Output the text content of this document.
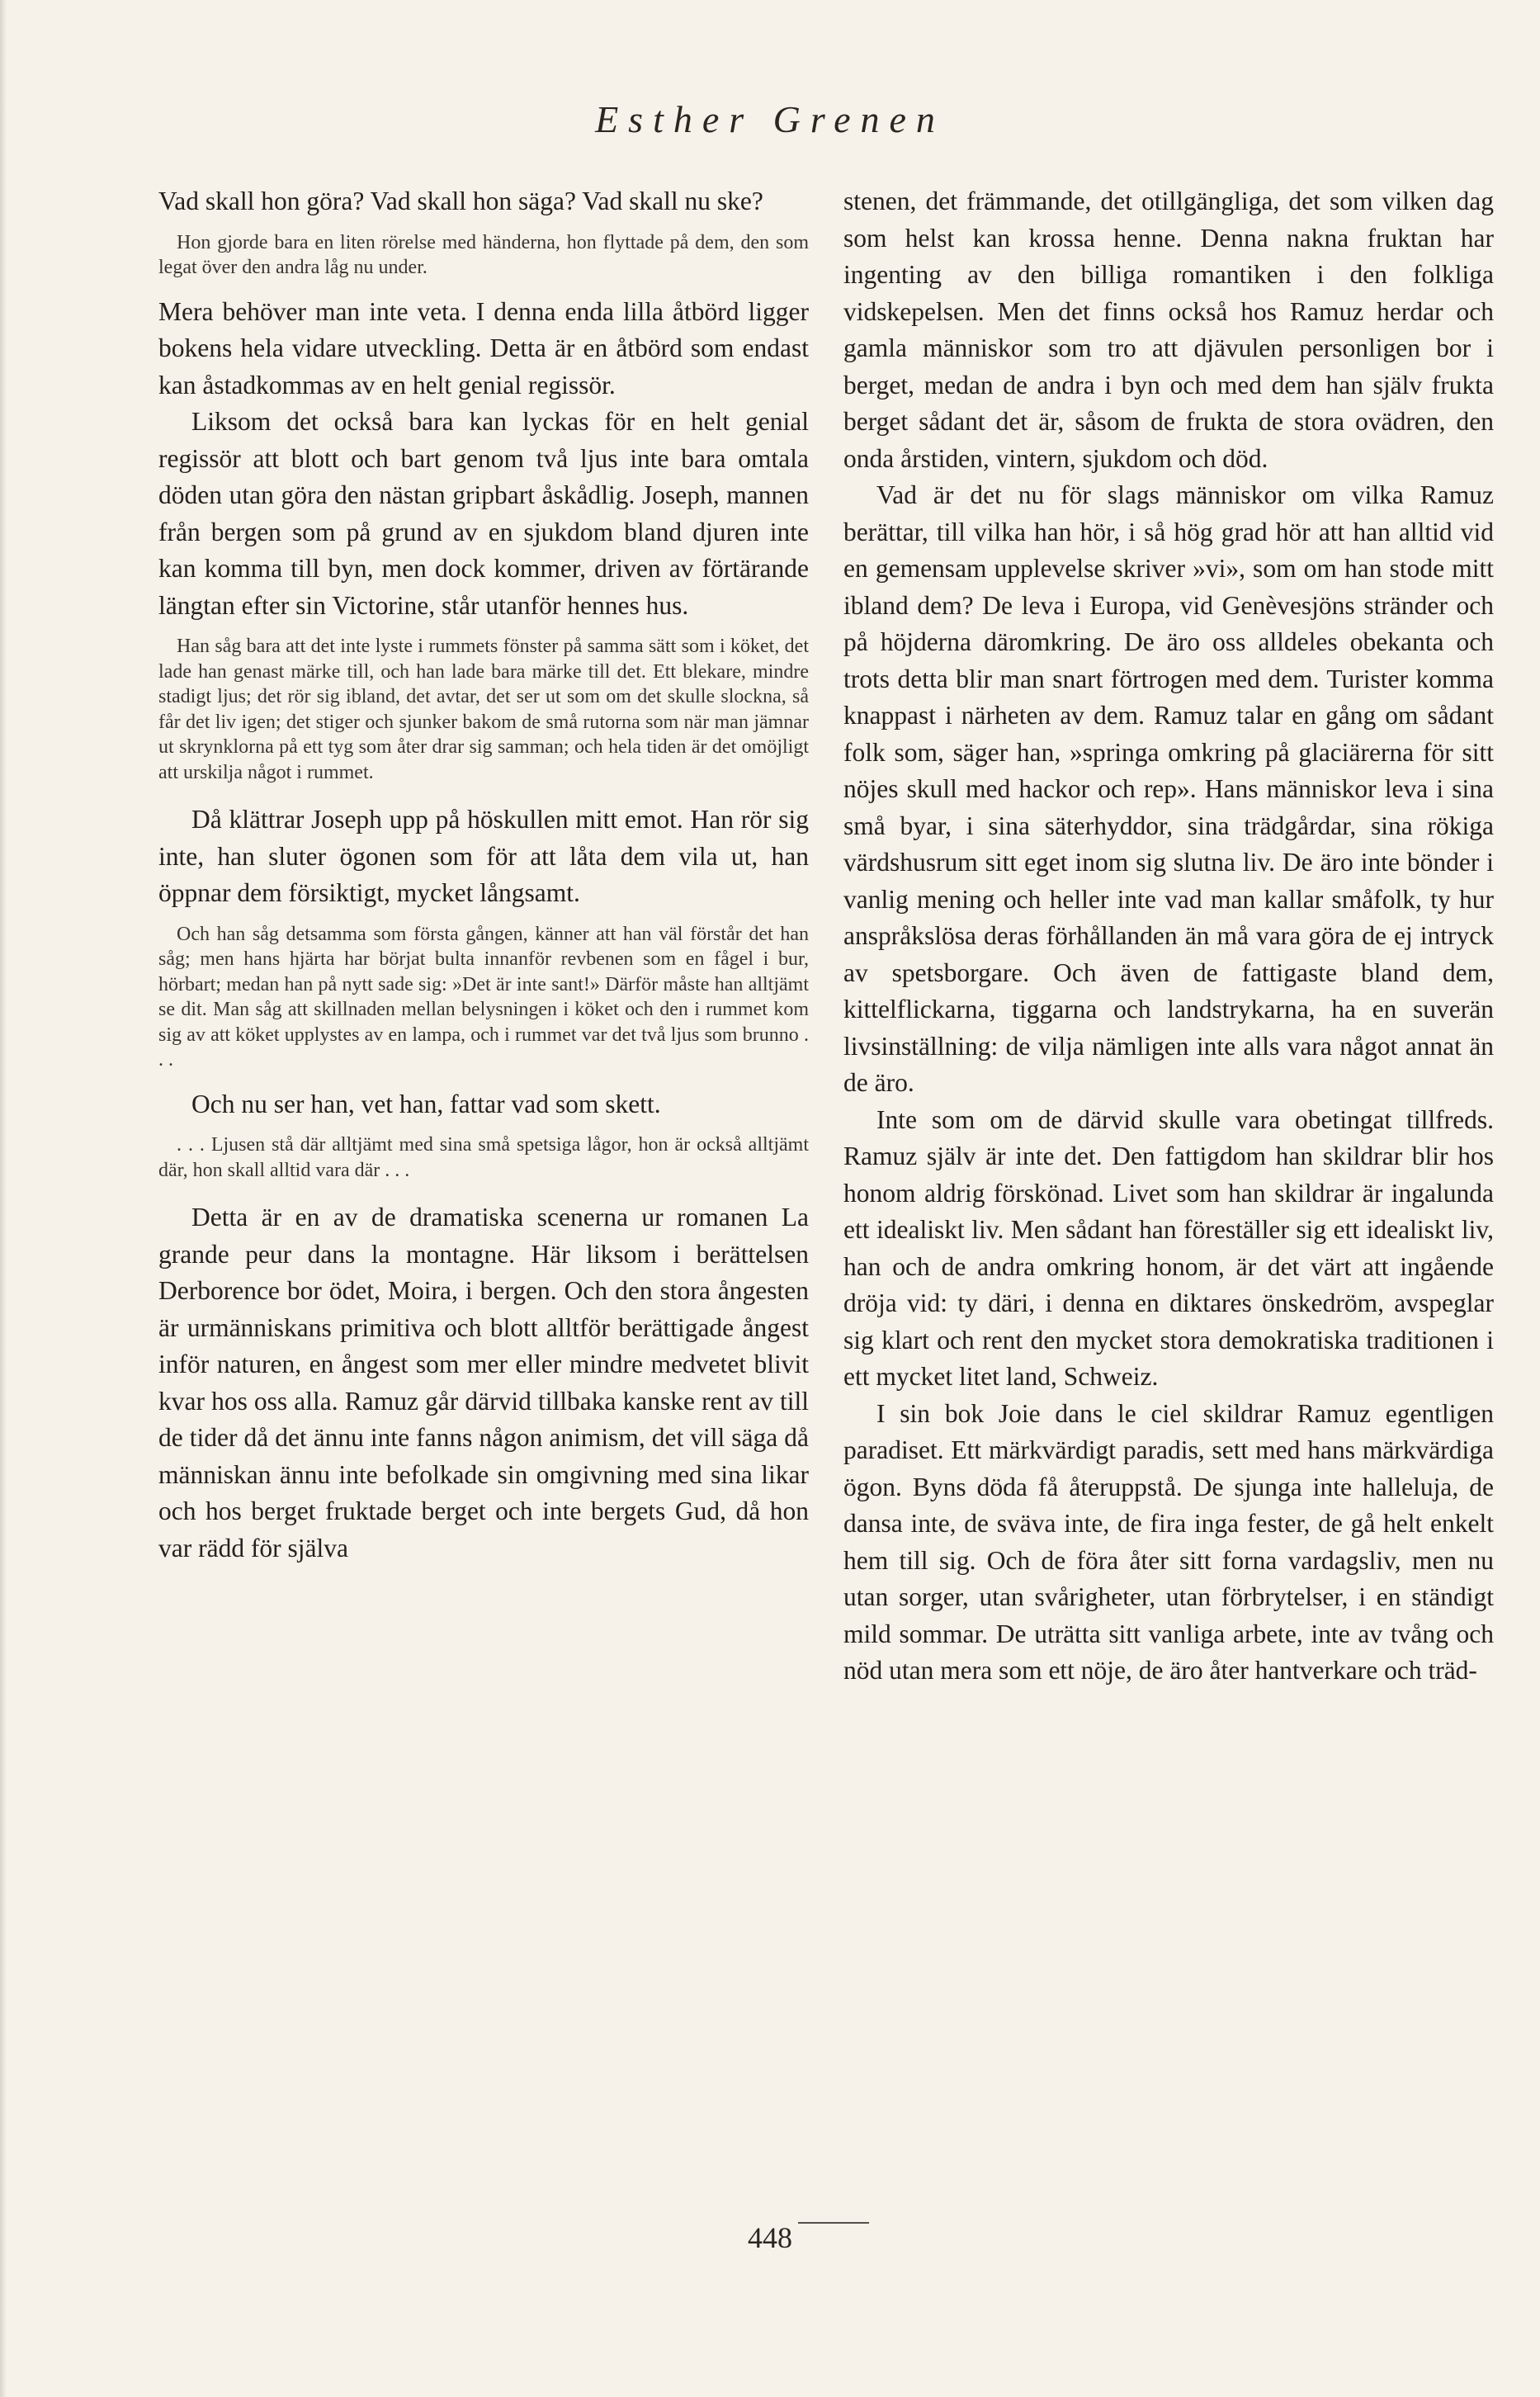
Esther Grenen

Vad skall hon göra? Vad skall hon säga? Vad skall nu ske?

Hon gjorde bara en liten rörelse med händerna, hon flyttade på dem, den som legat över den andra låg nu under.

Mera behöver man inte veta. I denna enda lilla åtbörd ligger bokens hela vidare utveckling. Detta är en åtbörd som endast kan åstadkommas av en helt genial regissör.

Liksom det också bara kan lyckas för en helt genial regissör att blott och bart genom två ljus inte bara omtala döden utan göra den nästan gripbart åskådlig. Joseph, mannen från bergen som på grund av en sjukdom bland djuren inte kan komma till byn, men dock kommer, driven av förtärande längtan efter sin Victorine, står utanför hennes hus.

Han såg bara att det inte lyste i rummets fönster på samma sätt som i köket, det lade han genast märke till, och han lade bara märke till det. Ett blekare, mindre stadigt ljus; det rör sig ibland, det avtar, det ser ut som om det skulle slockna, så får det liv igen; det stiger och sjunker bakom de små rutorna som när man jämnar ut skrynklorna på ett tyg som åter drar sig samman; och hela tiden är det omöjligt att urskilja något i rummet.

Då klättrar Joseph upp på höskullen mitt emot. Han rör sig inte, han sluter ögonen som för att låta dem vila ut, han öppnar dem försiktigt, mycket långsamt.

Och han såg detsamma som första gången, känner att han väl förstår det han såg; men hans hjärta har börjat bulta innanför revbenen som en fågel i bur, hörbart; medan han på nytt sade sig: »Det är inte sant!» Därför måste han alltjämt se dit. Man såg att skillnaden mellan belysningen i köket och den i rummet kom sig av att köket upplystes av en lampa, och i rummet var det två ljus som brunno . . .

Och nu ser han, vet han, fattar vad som skett.

. . . Ljusen stå där alltjämt med sina små spetsiga lågor, hon är också alltjämt där, hon skall alltid vara där . . .

Detta är en av de dramatiska scenerna ur romanen La grande peur dans la montagne. Här liksom i berättelsen Derborence bor ödet, Moira, i bergen. Och den stora ångesten är urmänniskans primitiva och blott alltför berättigade ångest inför naturen, en ångest som mer eller mindre medvetet blivit kvar hos oss alla. Ramuz går därvid tillbaka kanske rent av till de tider då det ännu inte fanns någon animism, det vill säga då människan ännu inte befolkade sin omgivning med sina likar och hos berget fruktade berget och inte bergets Gud, då hon var rädd för själva

stenen, det främmande, det otillgängliga, det som vilken dag som helst kan krossa henne. Denna nakna fruktan har ingenting av den billiga romantiken i den folkliga vidskepelsen. Men det finns också hos Ramuz herdar och gamla människor som tro att djävulen personligen bor i berget, medan de andra i byn och med dem han själv frukta berget sådant det är, såsom de frukta de stora ovädren, den onda årstiden, vintern, sjukdom och död.

Vad är det nu för slags människor om vilka Ramuz berättar, till vilka han hör, i så hög grad hör att han alltid vid en gemensam upplevelse skriver »vi», som om han stode mitt ibland dem? De leva i Europa, vid Genèvesjöns stränder och på höjderna däromkring. De äro oss alldeles obekanta och trots detta blir man snart förtrogen med dem. Turister komma knappast i närheten av dem. Ramuz talar en gång om sådant folk som, säger han, »springa omkring på glaciärerna för sitt nöjes skull med hackor och rep». Hans människor leva i sina små byar, i sina säterhyddor, sina trädgårdar, sina rökiga värdshusrum sitt eget inom sig slutna liv. De äro inte bönder i vanlig mening och heller inte vad man kallar småfolk, ty hur anspråkslösa deras förhållanden än må vara göra de ej intryck av spetsborgare. Och även de fattigaste bland dem, kittelflickarna, tiggarna och landstrykarna, ha en suverän livsinställning: de vilja nämligen inte alls vara något annat än de äro.

Inte som om de därvid skulle vara obetingat tillfreds. Ramuz själv är inte det. Den fattigdom han skildrar blir hos honom aldrig förskönad. Livet som han skildrar är ingalunda ett idealiskt liv. Men sådant han föreställer sig ett idealiskt liv, han och de andra omkring honom, är det värt att ingående dröja vid: ty däri, i denna en diktares önskedröm, avspeglar sig klart och rent den mycket stora demokratiska traditionen i ett mycket litet land, Schweiz.

I sin bok Joie dans le ciel skildrar Ramuz egentligen paradiset. Ett märkvärdigt paradis, sett med hans märkvärdiga ögon. Byns döda få återuppstå. De sjunga inte halleluja, de dansa inte, de sväva inte, de fira inga fester, de gå helt enkelt hem till sig. Och de föra åter sitt forna vardagsliv, men nu utan sorger, utan svårigheter, utan förbrytelser, i en ständigt mild sommar. De uträtta sitt vanliga arbete, inte av tvång och nöd utan mera som ett nöje, de äro åter hantverkare och träd-

448
